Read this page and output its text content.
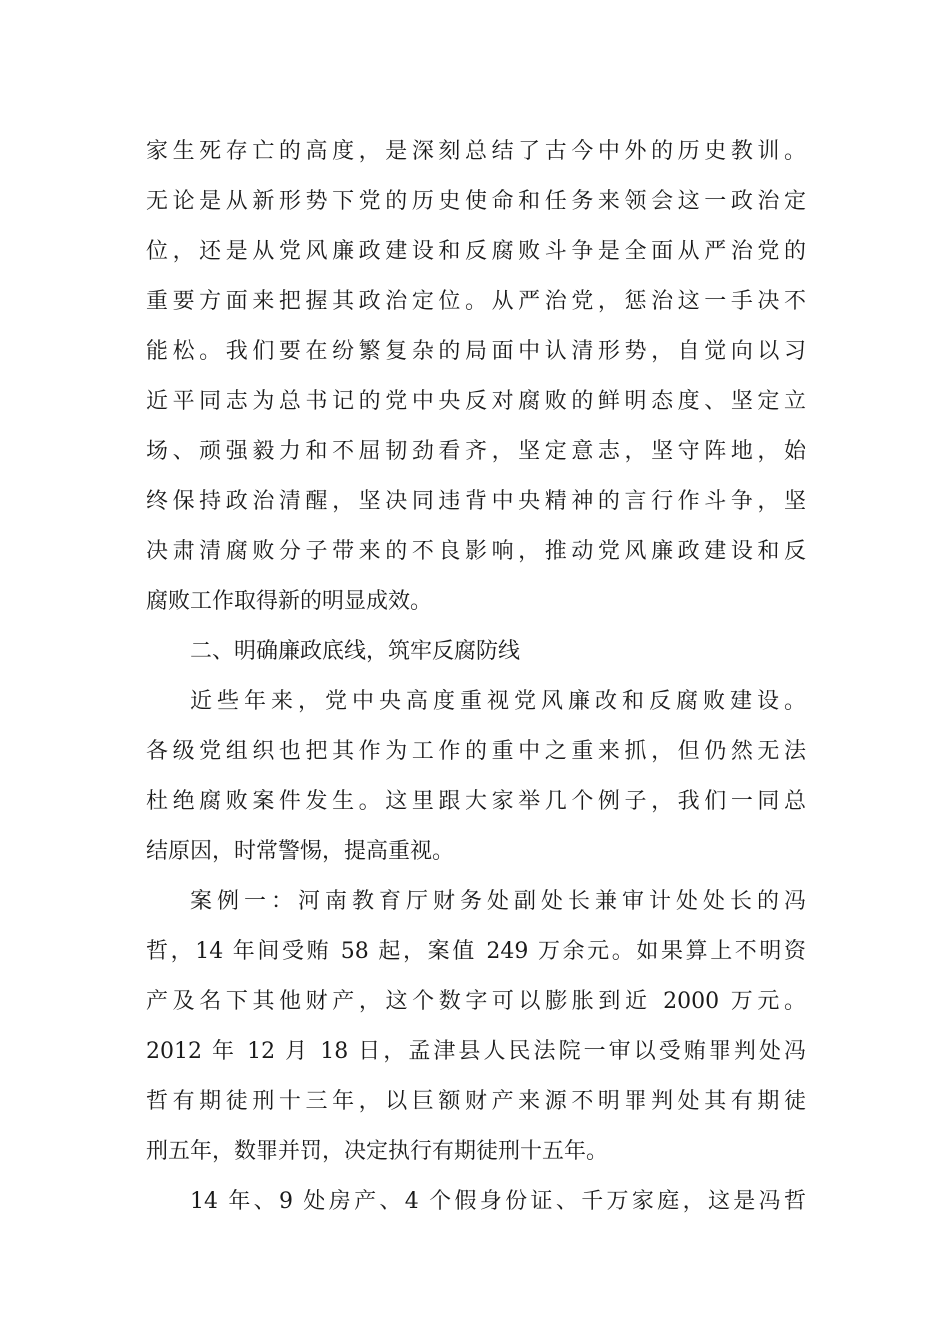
家生死存亡的高度，是深刻总结了古今中外的历史教训。
无论是从新形势下党的历史使命和任务来领会这一政治定
位，还是从党风廉政建设和反腐败斗争是全面从严治党的
重要方面来把握其政治定位。从严治党，惩治这一手决不
能松。我们要在纷繁复杂的局面中认清形势，自觉向以习
近平同志为总书记的党中央反对腐败的鲜明态度、坚定立
场、顽强毅力和不屈韧劲看齐，坚定意志，坚守阵地，始
终保持政治清醒，坚决同违背中央精神的言行作斗争，坚
决肃清腐败分子带来的不良影响，推动党风廉政建设和反
腐败工作取得新的明显成效。
二、明确廉政底线，筑牢反腐防线
近些年来，党中央高度重视党风廉改和反腐败建设。
各级党组织也把其作为工作的重中之重来抓，但仍然无法
杜绝腐败案件发生。这里跟大家举几个例子，我们一同总
结原因，时常警惕，提高重视。
案例一：河南教育厅财务处副处长兼审计处处长的冯
哲，14 年间受贿 58 起，案值 249 万余元。如果算上不明资
产及名下其他财产，这个数字可以膨胀到近 2000 万元。
2012 年 12 月 18 日，孟津县人民法院一审以受贿罪判处冯
哲有期徒刑十三年，以巨额财产来源不明罪判处其有期徒
刑五年，数罪并罚，决定执行有期徒刑十五年。
14 年、9 处房产、4 个假身份证、千万家庭，这是冯哲
